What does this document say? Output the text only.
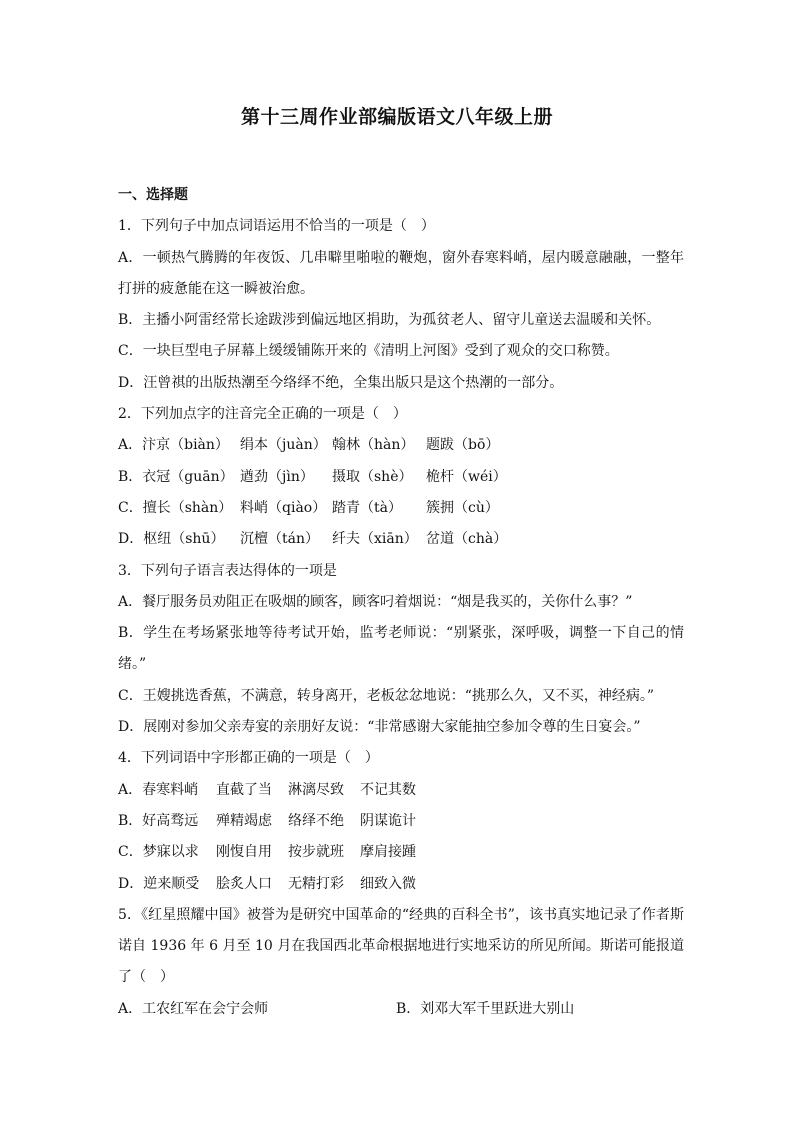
第十三周作业部编版语文八年级上册
一、选择题
1．下列句子中加点词语运用不恰当的一项是（　）
A．一顿热气腾腾的年夜饭、几串噼里啪啦的鞭炮，窗外春寒料峭，屋内暖意融融，一整年打拼的疲惫能在这一瞬被治愈。
B．主播小阿雷经常长途跋涉到偏远地区捐助，为孤贫老人、留守儿童送去温暖和关怀。
C．一块巨型电子屏幕上缓缓铺陈开来的《清明上河图》受到了观众的交口称赞。
D．汪曾祺的出版热潮至今络绎不绝，全集出版只是这个热潮的一部分。
2．下列加点字的注音完全正确的一项是（　）
A．汴京（biàn） 绢本（juàn） 翰林（hàn） 题跋（bō）
B．衣冠（guān） 遒劲（jìn）	摄取（shè） 桅杆（wéi）
C．擅长（shàn） 料峭（qiào） 踏青（tà）	簇拥（cù）
D．枢纽（shū）	沉檀（tán） 纤夫（xiān） 岔道（chà）
3．下列句子语言表达得体的一项是
A．餐厅服务员劝阻正在吸烟的顾客，顾客叼着烟说：“烟是我买的，关你什么事？”
B．学生在考场紧张地等待考试开始，监考老师说：“别紧张，深呼吸，调整一下自己的情绪。”
C．王嫂挑选香蕉，不满意，转身离开，老板忿忿地说：“挑那么久，又不买，神经病。”
D．展刚对参加父亲寿宴的亲朋好友说：“非常感谢大家能抽空参加令尊的生日宴会。”
4．下列词语中字形都正确的一项是（　）
A．春寒料峭	直截了当	淋漓尽致	不记其数
B．好高骛远	殚精竭虑	络绎不绝	阴谋诡计
C．梦寐以求	刚愎自用	按步就班	摩肩接踵
D．逆来顺受	脍炙人口	无精打彩	细致入微
5．《红星照耀中国》被誉为是研究中国革命的“经典的百科全书”，该书真实地记录了作者斯诺自 1936 年 6 月至 10 月在我国西北革命根据地进行实地采访的所见所闻。斯诺可能报道了（　）
A．工农红军在会宁会师	B．刘邓大军千里跃进大别山
